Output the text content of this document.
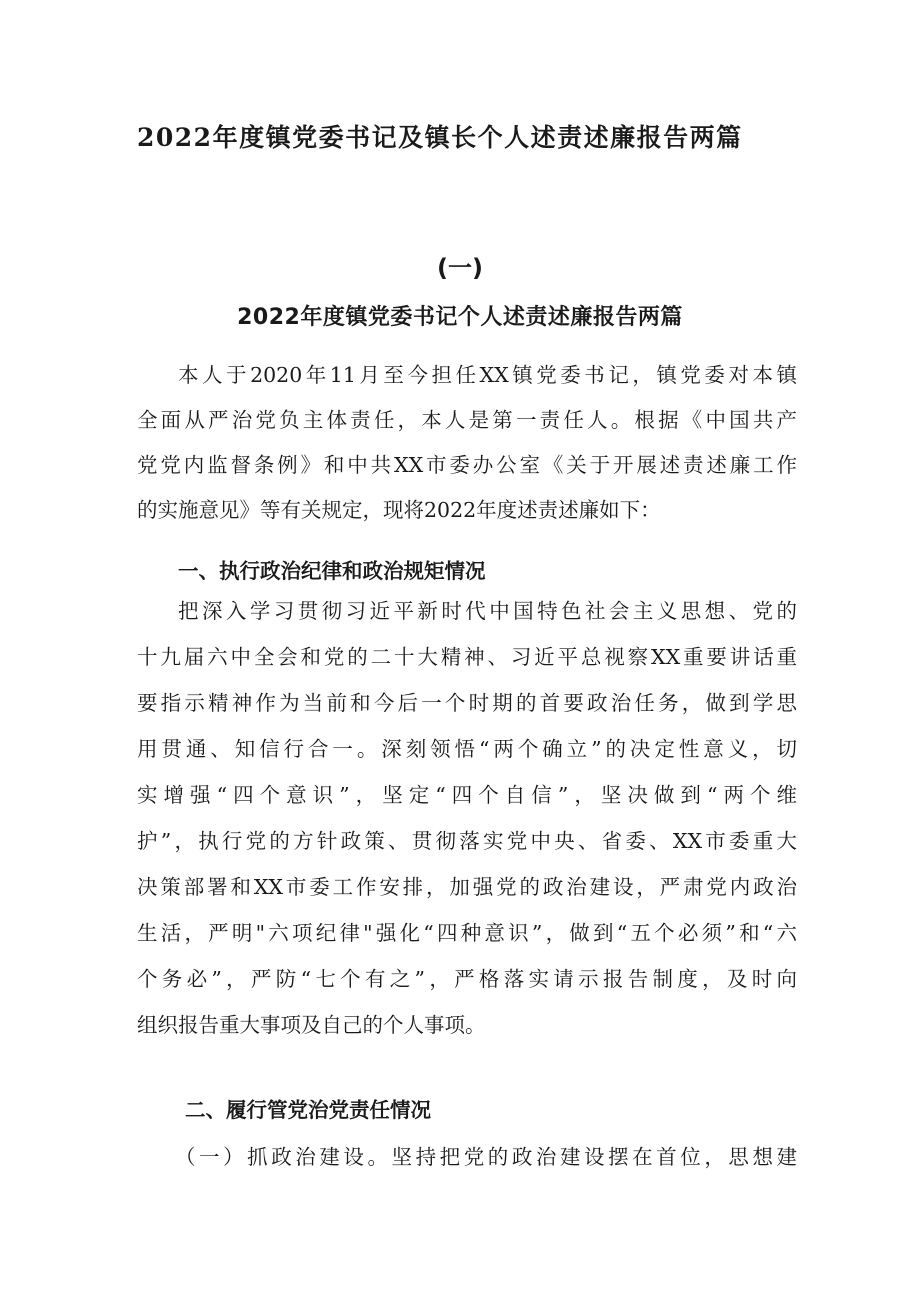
2022年度镇党委书记及镇长个人述责述廉报告两篇
(一)
2022年度镇党委书记个人述责述廉报告两篇
本人于2020年11月至今担任XX镇党委书记，镇党委对本镇
全面从严治党负主体责任，本人是第一责任人。根据《中国共产
党党内监督条例》和中共XX市委办公室《关于开展述责述廉工作
的实施意见》等有关规定，现将2022年度述责述廉如下：
一、执行政治纪律和政治规矩情况
把深入学习贯彻习近平新时代中国特色社会主义思想、党的
十九届六中全会和党的二十大精神、习近平总视察XX重要讲话重
要指示精神作为当前和今后一个时期的首要政治任务，做到学思
用贯通、知信行合一。深刻领悟“两个确立”的决定性意义，切
实增强“四个意识”，坚定“四个自信”，坚决做到“两个维
护”，执行党的方针政策、贯彻落实党中央、省委、XX市委重大
决策部署和XX市委工作安排，加强党的政治建设，严肃党内政治
生活，严明"六项纪律"强化“四种意识”，做到“五个必须”和“六
个务必”，严防“七个有之”，严格落实请示报告制度，及时向
组织报告重大事项及自己的个人事项。
二、履行管党治党责任情况

（一）抓政治建设。坚持把党的政治建设摆在首位，思想建
